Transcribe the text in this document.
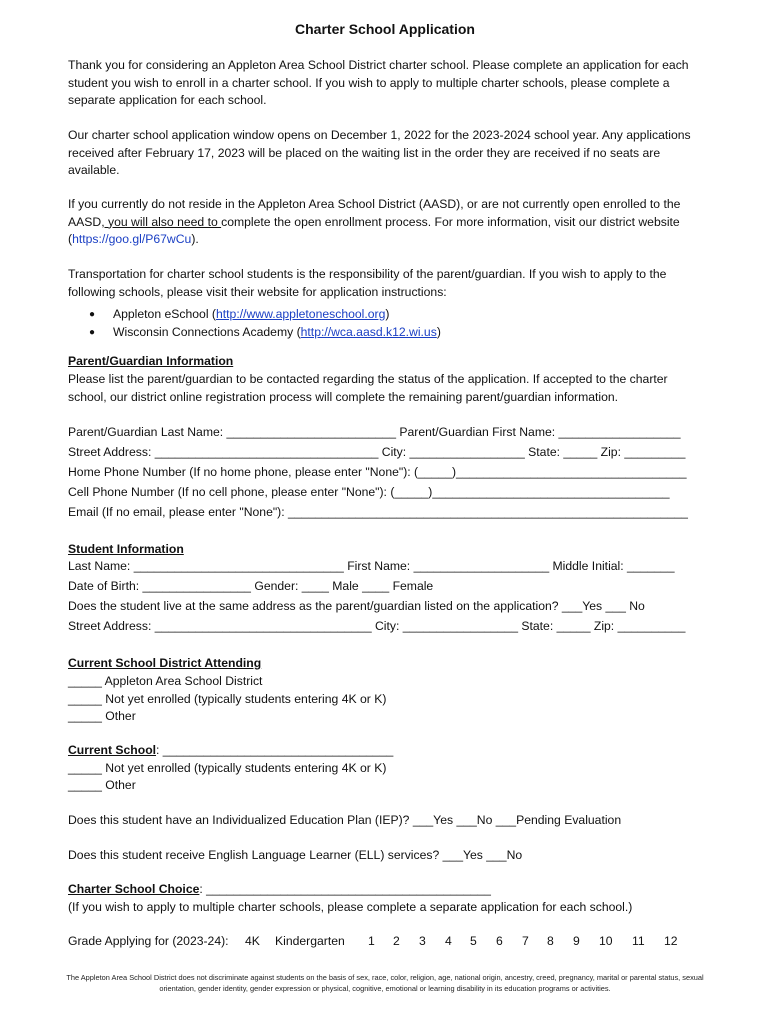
Charter School Application
Thank you for considering an Appleton Area School District charter school. Please complete an application for each student you wish to enroll in a charter school. If you wish to apply to multiple charter schools, please complete a separate application for each school.
Our charter school application window opens on December 1, 2022 for the 2023-2024 school year. Any applications received after February 17, 2023 will be placed on the waiting list in the order they are received if no seats are available.
If you currently do not reside in the Appleton Area School District (AASD), or are not currently open enrolled to the AASD, you will also need to complete the open enrollment process. For more information, visit our district website (https://goo.gl/P67wCu).
Transportation for charter school students is the responsibility of the parent/guardian. If you wish to apply to the following schools, please visit their website for application instructions:
● Appleton eSchool (http://www.appletoneschool.org)
● Wisconsin Connections Academy (http://wca.aasd.k12.wi.us)
Parent/Guardian Information
Please list the parent/guardian to be contacted regarding the status of the application. If accepted to the charter school, our district online registration process will complete the remaining parent/guardian information.
Parent/Guardian Last Name: _________________________ Parent/Guardian First Name: __________________
Street Address: _________________________________ City: _________________ State: _____ Zip: _________
Home Phone Number (If no home phone, please enter "None"): (_____)__________________________________
Cell Phone Number (If no cell phone, please enter "None"): (_____)___________________________________
Email (If no email, please enter "None"): ___________________________________________________________
Student Information
Last Name: _______________________________ First Name: ____________________ Middle Initial: _______
Date of Birth: ________________ Gender: ____ Male ____ Female
Does the student live at the same address as the parent/guardian listed on the application? ___Yes ___ No
Street Address: ________________________________ City: _________________ State: _____ Zip: __________
Current School District Attending
_____ Appleton Area School District
_____ Not yet enrolled (typically students entering 4K or K)
_____ Other
Current School: __________________________________
_____ Not yet enrolled (typically students entering 4K or K)
_____ Other
Does this student have an Individualized Education Plan (IEP)? ___Yes ___No ___Pending Evaluation
Does this student receive English Language Learner (ELL) services? ___Yes ___No
Charter School Choice: __________________________________________
(If you wish to apply to multiple charter schools, please complete a separate application for each school.)
Grade Applying for (2023-24): 4K Kindergarten 1 2 3 4 5 6 7 8 9 10 11 12
The Appleton Area School District does not discriminate against students on the basis of sex, race, color, religion, age, national origin, ancestry, creed, pregnancy, marital or parental status, sexual orientation, gender identity, gender expression or physical, cognitive, emotional or learning disability in its education programs or activities.
